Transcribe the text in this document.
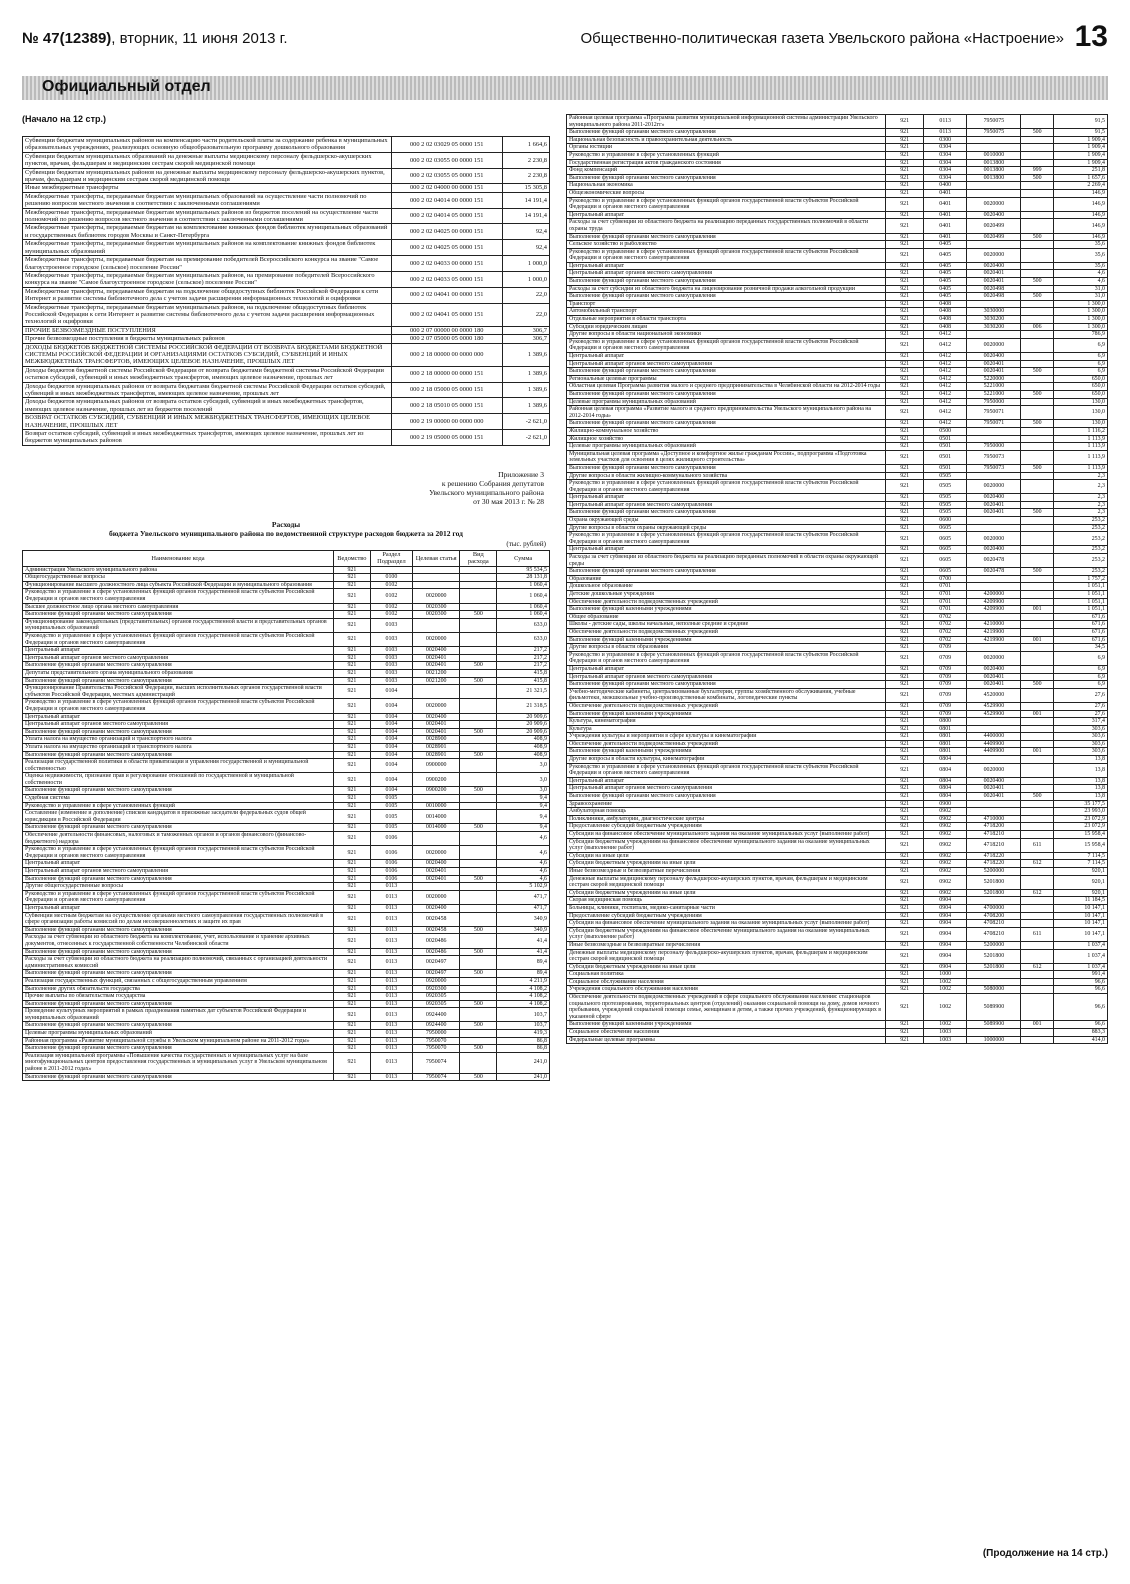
№ 47(12389), вторник, 11 июня 2013 г.	Общественно-политическая газета Увельского района «Настроение» 13
Официальный отдел
(Начало на 12 стр.)
Субвенции бюджетам муниципальных районов на компенсацию части родительской платы за содержание ребенка в муниципальных образовательных учреждениях, реализующих основную общеобразовательную программу дошкольного образования	000 2 02 03029 05 0000 151	1 664,6
Субвенции бюджетам муниципальных образований на денежные выплаты медицинскому персоналу фельдшерско-акушерских пунктов, врачам, фельдшерам и медицинским сестрам скорой медицинской помощи	000 2 02 03055 00 0000 151	2 230,8
Субвенции бюджетам муниципальных районов на денежные выплаты медицинскому персоналу фельдшерско-акушерских пунктов, врачам, фельдшерам и медицинским сестрам скорой медицинской помощи	000 2 02 03055 05 0000 151	2 230,8
Иные межбюджетные трансферты	000 2 02 04000 00 0000 151	15 305,8
Межбюджетные трансферты, передаваемые бюджетам муниципальных образований на осуществление части полномочий по решению вопросов местного значения в соответствии с заключенными соглашениями	000 2 02 04014 00 0000 151	14 191,4
Межбюджетные трансферты, передаваемые бюджетам муниципальных районов из бюджетов поселений на осуществление части полномочий по решению вопросов местного значения в соответствии с заключенными соглашениями	000 2 02 04014 05 0000 151	14 191,4
Межбюджетные трансферты, передаваемые бюджетам на комплектование книжных фондов библиотек муниципальных образований и государственных библиотек городов Москвы и Санкт-Петербурга	000 2 02 04025 00 0000 151	92,4
Межбюджетные трансферты, передаваемые бюджетам муниципальных районов на комплектование книжных фондов библиотек муниципальных образований	000 2 02 04025 05 0000 151	92,4
Межбюджетные трансферты, передаваемые бюджетам на премирование победителей Всероссийского конкурса на звание "Самое благоустроенное городское (сельское) поселение России"	000 2 02 04033 00 0000 151	1 000,0
Межбюджетные трансферты, передаваемые бюджетам муниципальных районов, на премирование победителей Всероссийского конкурса на звание "Самое благоустроенное городское (сельское) поселение России"	000 2 02 04033 05 0000 151	1 000,0
Межбюджетные трансферты, передаваемые бюджетам на подключение общедоступных библиотек Российской Федерации к сети Интернет и развитие системы библиотечного дела с учетом задачи расширения информационных технологий и оцифровки	000 2 02 04041 00 0000 151	22,0
Межбюджетные трансферты, передаваемые бюджетам муниципальных районов, на подключение общедоступных библиотек Российской Федерации к сети Интернет и развитие системы библиотечного дела с учетом задачи расширения информационных технологий и оцифровки	000 2 02 04041 05 0000 151	22,0
ПРОЧИЕ БЕЗВОЗМЕЗДНЫЕ ПОСТУПЛЕНИЯ	000 2 07 00000 00 0000 180	306,7
Прочие безвозмездные поступления в бюджеты муниципальных районов	000 2 07 05000 05 0000 180	306,7
ДОХОДЫ БЮДЖЕТОВ БЮДЖЕТНОЙ СИСТЕМЫ РОССИЙСКОЙ ФЕДЕРАЦИИ ОТ ВОЗВРАТА БЮДЖЕТАМИ БЮДЖЕТНОЙ СИСТЕМЫ РОССИЙСКОЙ ФЕДЕРАЦИИ И ОРГАНИЗАЦИЯМИ ОСТАТКОВ СУБСИДИЙ, СУБВЕНЦИЙ И ИНЫХ МЕЖБЮДЖЕТНЫХ ТРАНСФЕРТОВ, ИМЕЮЩИХ ЦЕЛЕВОЕ НАЗНАЧЕНИЕ, ПРОШЛЫХ ЛЕТ	000 2 18 00000 00 0000 000	1 389,6
Доходы бюджетов бюджетной системы Российской Федерации от возврата бюджетами бюджетной системы Российской Федерации остатков субсидий, субвенций и иных межбюджетных трансфертов, имеющих целевое назначение, прошлых лет	000 2 18 00000 00 0000 151	1 389,6
Доходы бюджетов муниципальных районов от возврата бюджетами бюджетной системы Российской Федерации остатков субсидий, субвенций и иных межбюджетных трансфертов, имеющих целевое назначение, прошлых лет	000 2 18 05000 05 0000 151	1 389,6
Доходы бюджетов муниципальных районов от возврата остатков субсидий, субвенций и иных межбюджетных трансфертов, имеющих целевое назначение, прошлых лет из бюджетов поселений	000 2 18 05010 05 0000 151	1 389,6
ВОЗВРАТ ОСТАТКОВ СУБСИДИЙ, СУБВЕНЦИЙ И ИНЫХ МЕЖБЮДЖЕТНЫХ ТРАНСФЕРТОВ, ИМЕЮЩИХ ЦЕЛЕВОЕ НАЗНАЧЕНИЕ, ПРОШЛЫХ ЛЕТ	000 2 19 00000 00 0000 000	-2 621,0
Возврат остатков субсидий, субвенций и иных межбюджетных трансфертов, имеющих целевое назначение, прошлых лет из бюджетов муниципальных районов	000 2 19 05000 05 0000 151	-2 621,0
Приложение 3
к решению Собрания депутатов
Увельского муниципального района
от 30 мая 2013 г. № 28
Расходы
бюджета Увельского муниципального района по ведомственной структуре расходов бюджета за 2012 год
(тыс. рублей)
Наименование кода	Ведомство	Раздел Подраздел	Целевая статья	Вид расхода	Сумма
Администрация Увельского муниципального района	921				95 534,5
Общегосударственные вопросы	921	0100			28 131,8
Функционирование высшего должностного лица субъекта Российской Федерации и муниципального образования	921	0102			1 060,4
Руководство и управление в сфере установленных функций органов государственной власти субъектов Российской Федерации и органов местного самоуправления	921	0102	0020000		1 060,4
Высшее должностное лицо органа местного самоуправления	921	0102	0020300		1 060,4
Выполнение функций органами местного самоуправления	921	0102	0020300	500	1 060,4
Функционирование законодательных (представительных) органов государственной власти и представительных органов муниципальных образований	921	0103			633,0
Руководство и управление в сфере установленных функций органов государственной власти субъектов Российской Федерации и органов местного самоуправления	921	0103	0020000		633,0
Центральный аппарат	921	0103	0020400		217,2
Центральный аппарат органов местного самоуправления	921	0103	0020401		217,2
Выполнение функций органами местного самоуправления	921	0103	0020401	500	217,2
Депутаты представительного органа муниципального образования	921	0103	0021200		415,8
Выполнение функций органами местного самоуправления	921	0103	0021200	500	415,8
Функционирование Правительства Российской Федерации, высших исполнительных органов государственной власти субъектов Российской Федерации, местных администраций	921	0104			21 321,5
Руководство и управление в сфере установленных функций органов государственной власти субъектов Российской Федерации и органов местного самоуправления	921	0104	0020000		21 318,5
Центральный аппарат	921	0104	0020400		20 909,6
Центральный аппарат органов местного самоуправления	921	0104	0020401		20 909,6
Выполнение функций органами местного самоуправления	921	0104	0020401	500	20 909,6
Уплата налога на имущество организаций и транспортного налога	921	0104	0028900		408,9
Уплата налога на имущество организаций и транспортного налога	921	0104	0028901		408,9
Выполнение функций органами местного самоуправления	921	0104	0028901	500	408,9
Реализация государственной политики в области приватизации и управления государственной и муниципальной собственностью	921	0104	0900000		3,0
Оценка недвижимости, признание прав и регулирование отношений по государственной и муниципальной собственности	921	0104	0900200		3,0
Выполнение функций органами местного самоуправления	921	0104	0900200	500	3,0
Судебная система	921	0105			9,4
Руководство и управление в сфере установленных функций	921	0105	0010000		9,4
Составление (изменение и дополнение) списков кандидатов в присяжные заседатели федеральных судов общей юрисдикции в Российской Федерации	921	0105	0014000		9,4
Выполнение функций органами местного самоуправления	921	0105	0014000	500	9,4
Обеспечение деятельности финансовых, налоговых и таможенных органов и органов финансового (финансово-бюджетного) надзора	921	0106			4,6
Руководство и управление в сфере установленных функций органов государственной власти субъектов Российской Федерации и органов местного самоуправления	921	0106	0020000		4,6
Центральный аппарат	921	0106	0020400		4,6
Центральный аппарат органов местного самоуправления	921	0106	0020401		4,6
Выполнение функций органами местного самоуправления	921	0106	0020401	500	4,6
Другие общегосударственные вопросы	921	0113			5 102,9
Руководство и управление в сфере установленных функций органов государственной власти субъектов Российской Федерации и органов местного самоуправления	921	0113	0020000		471,7
Центральный аппарат	921	0113	0020400		471,7
Субвенции местным бюджетам на осуществление органами местного самоуправления государственных полномочий в сфере организации работы комиссий по делам несовершеннолетних и защите их прав	921	0113	0020458		340,9
Выполнение функций органами местного самоуправления	921	0113	0020458	500	340,9
Расходы за счет субвенции из областного бюджета на комплектование, учет, использование и хранение архивных документов, отнесенных к государственной собственности Челябинской области	921	0113	0020486		41,4
Выполнение функций органами местного самоуправления	921	0113	0020486	500	41,4
Расходы за счет субвенции из областного бюджета на реализацию полномочий, связанных с организацией деятельности административных комиссий	921	0113	0020497		89,4
Выполнение функций органами местного самоуправления	921	0113	0020497	500	89,4
Реализация государственных функций, связанных с общегосударственным управлением	921	0113	0920000		4 211,9
Выполнение других обязательств государства	921	0113	0920300		4 108,2
Прочие выплаты по обязательствам государства	921	0113	0920305		4 108,2
Выполнение функций органами местного самоуправления	921	0113	0920305	500	4 108,2
Проведение культурных мероприятий в рамках празднования памятных дат субъектов Российской Федерации и муниципальных образований	921	0113	0924400		103,7
Выполнение функций органами местного самоуправления	921	0113	0924400	500	103,7
Целевые программы муниципальных образований	921	0113	7950000		419,3
Районная программа «Развитие муниципальной службы в Увельском муниципальном районе на 2011-2012 годы»	921	0113	7950070		86,8
Выполнение функций органами местного самоуправления	921	0113	7950070	500	86,8
Реализация муниципальной программы «Повышение качества государственных и муниципальных услуг на базе многофункциональных центров предоставления государственных и муниципальных услуг в Увельском муниципальном районе в 2011-2012 годах»	921	0113	7950074		241,0
Выполнение функций органами местного самоуправления	921	0113	7950074	500	241,0
Районная целевая программа «Программа развития муниципальной информационной системы администрации Увельского муниципального района 2011-2012гг»	921	0113	7950075		91,5
Выполнение функций органами местного самоуправления	921	0113	7950075	500	91,5
Национальная безопасность и правоохранительная деятельность	921	0300			1 909,4
Органы юстиции	921	0304			1 909,4
Руководство и управление в сфере установленных функций	921	0304	0010000		1 909,4
Государственная регистрация актов гражданского состояния	921	0304	0013800		1 909,4
Фонд компенсаций	921	0304	0013800	999	251,8
Выполнение функций органами местного самоуправления	921	0304	0013800	500	1 657,6
Национальная экономика	921	0400			2 269,4
Общеэкономические вопросы	921	0401			146,9
Руководство и управление в сфере установленных функций органов государственной власти субъектов Российской Федерации и органов местного самоуправления	921	0401	0020000		146,9
Центральный аппарат	921	0401	0020400		146,9
Расходы за счет субвенции из областного бюджета на реализацию переданных государственных полномочий в области охраны труда	921	0401	0020499		146,9
Выполнение функций органами местного самоуправления	921	0401	0020499	500	146,9
Сельское хозяйство и рыболовство	921	0405			35,6
Руководство и управление в сфере установленных функций органов государственной власти субъектов Российской Федерации и органов местного самоуправления	921	0405	0020000		35,6
Центральный аппарат	921	0405	0020400		35,6
Центральный аппарат органов местного самоуправления	921	0405	0020401		4,6
Выполнение функций органами местного самоуправления	921	0405	0020401	500	4,6
Расходы за счет субсидии из областного бюджета на лицензирование розничной продажи алкогольной продукции	921	0405	0020498		31,0
Выполнение функций органами местного самоуправления	921	0405	0020498	500	31,0
Транспорт	921	0408			1 300,0
Автомобильный транспорт	921	0408	3030000		1 300,0
Отдельные мероприятия в области транспорта	921	0408	3030200		1 300,0
Субсидии юридическим лицам	921	0408	3030200	006	1 300,0
Другие вопросы в области национальной экономики	921	0412			786,9
Руководство и управление в сфере установленных функций органов государственной власти субъектов Российской Федерации и органов местного самоуправления	921	0412	0020000		6,9
Центральный аппарат	921	0412	0020400		6,9
Центральный аппарат органов местного самоуправления	921	0412	0020401		6,9
Выполнение функций органами местного самоуправления	921	0412	0020401	500	6,9
Региональные целевые программы	921	0412	5220000		650,0
Областная целевая Программа развития малого и среднего предпринимательства в Челябинской области на 2012-2014 годы	921	0412	5221000		650,0
Выполнение функций органами местного самоуправления	921	0412	5221000	500	650,0
Целевые программы муниципальных образований	921	0412	7950000		130,0
Районная целевая программа «Развитие малого и среднего предпринимательства Увельского муниципального района на 2012-2014 годы»	921	0412	7950071		130,0
Выполнение функций органами местного самоуправления	921	0412	7950071	500	130,0
Жилищно-коммунальное хозяйство	921	0500			1 116,2
Жилищное хозяйство	921	0501			1 113,9
Целевые программы муниципальных образований	921	0501	7950000		1 113,9
Муниципальная целевая программа «Доступное и комфортное жилье гражданам России», подпрограмма «Подготовка земельных участков для освоения в целях жилищного строительства»	921	0501	7950073		1 113,9
Выполнение функций органами местного самоуправления	921	0501	7950073	500	1 113,9
Другие вопросы в области жилищно-коммунального хозяйства	921	0505			2,3
Руководство и управление в сфере установленных функций органов государственной власти субъектов Российской Федерации и органов местного самоуправления	921	0505	0020000		2,3
Центральный аппарат	921	0505	0020400		2,3
Центральный аппарат органов местного самоуправления	921	0505	0020401		2,3
Выполнение функций органами местного самоуправления	921	0505	0020401	500	2,3
Охрана окружающей среды	921	0600			253,2
Другие вопросы в области охраны окружающей среды	921	0605			253,2
Руководство и управление в сфере установленных функций органов государственной власти субъектов Российской Федерации и органов местного самоуправления	921	0605	0020000		253,2
Центральный аппарат	921	0605	0020400		253,2
Расходы за счет субвенции из областного бюджета на реализацию переданных полномочий в области охраны окружающей среды	921	0605	0020478		253,2
Выполнение функций органами местного самоуправления	921	0605	0020478	500	253,2
Образование	921	0700			1 757,2
Дошкольное образование	921	0701			1 051,1
Детские дошкольные учреждения	921	0701	4200000		1 051,1
Обеспечение деятельности подведомственных учреждений	921	0701	4209900		1 051,1
Выполнение функций казенными учреждениями	921	0701	4209900	001	1 051,1
Общее образование	921	0702			671,6
Школы - детские сады, школы начальные, неполные средние и средние	921	0702	4210000		671,6
Обеспечение деятельности подведомственных учреждений	921	0702	4219900		671,6
Выполнение функций казенными учреждениями	921	0702	4219900	001	671,6
Другие вопросы в области образования	921	0709			34,5
Руководство и управление в сфере установленных функций органов государственной власти субъектов Российской Федерации и органов местного самоуправления	921	0709	0020000		6,9
Центральный аппарат	921	0709	0020400		6,9
Центральный аппарат органов местного самоуправления	921	0709	0020401		6,9
Выполнение функций органами местного самоуправления	921	0709	0020401	500	6,9
Учебно-методические кабинеты, централизованные бухгалтерии, группы хозяйственного обслуживания, учебные фильмотеки, межшкольные учебно-производственные комбинаты, логопедические пункты	921	0709	4520000		27,6
Обеспечение деятельности подведомственных учреждений	921	0709	4529900		27,6
Выполнение функций казенными учреждениями	921	0709	4529900	001	27,6
Культура, кинематография	921	0800			317,4
Культура	921	0801			303,6
Учреждения культуры и мероприятия в сфере культуры и кинематографии	921	0801	4400000		303,6
Обеспечение деятельности подведомственных учреждений	921	0801	4409900		303,6
Выполнение функций казенными учреждениями	921	0801	4409900	001	303,6
Другие вопросы в области культуры, кинематографии	921	0804			13,8
Руководство и управление в сфере установленных функций органов государственной власти субъектов Российской Федерации и органов местного самоуправления	921	0804	0020000		13,8
Центральный аппарат	921	0804	0020400		13,8
Центральный аппарат органов местного самоуправления	921	0804	0020401		13,8
Выполнение функций органами местного самоуправления	921	0804	0020401	500	13,8
Здравоохранение	921	0900			35 177,5
Амбулаторная помощь	921	0902			23 993,0
Поликлиники, амбулатории, диагностические центры	921	0902	4710000		23 072,9
Предоставление субсидий бюджетным учреждениям	921	0902	4718200		23 072,9
Субсидии на финансовое обеспечение муниципального задания на оказание муниципальных услуг (выполнение работ)	921	0902	4718210		15 958,4
Субсидии бюджетным учреждениям на финансовое обеспечение муниципального задания на оказание муниципальных услуг (выполнение работ)	921	0902	4718210	611	15 958,4
Субсидии на иные цели	921	0902	4718220		7 114,5
Субсидии бюджетным учреждениям на иные цели	921	0902	4718220	612	7 114,5
Иные безвозмездные и безвозвратные перечисления	921	0902	5200000		920,1
Денежные выплаты медицинскому персоналу фельдшерско-акушерских пунктов, врачам, фельдшерам и медицинским сестрам скорой медицинской помощи	921	0902	5201800		920,1
Субсидии бюджетным учреждениям на иные цели	921	0902	5201800	612	920,1
Скорая медицинская помощь	921	0904			11 184,5
Больницы, клиники, госпитали, медико-санитарные части	921	0904	4700000		10 147,1
Предоставление субсидий бюджетным учреждениям	921	0904	4708200		10 147,1
Субсидии на финансовое обеспечение муниципального задания на оказание муниципальных услуг (выполнение работ)	921	0904	4708210		10 147,1
Субсидии бюджетным учреждениям на финансовое обеспечение муниципального задания на оказание муниципальных услуг (выполнение работ)	921	0904	4708210	611	10 147,1
Иные безвозмездные и безвозвратные перечисления	921	0904	5200000		1 037,4
Денежные выплаты медицинскому персоналу фельдшерско-акушерских пунктов, врачам, фельдшерам и медицинским сестрам скорой медицинской помощи	921	0904	5201800		1 037,4
Субсидии бюджетным учреждениям на иные цели	921	0904	5201800	612	1 037,4
Социальная политика	921	1000			991,4
Социальное обслуживание населения	921	1002			96,6
Учреждения социального обслуживания населения	921	1002	5080000		96,6
Обеспечение деятельности подведомственных учреждений в сфере социального обслуживания населения: стационаров социального протезирования, территориальных центров (отделений) оказания социальной помощи на дому, домов ночного пребывания, учреждений социальной помощи семье, женщинам и детям, а также прочих учреждений, функционирующих в указанной сфере	921	1002	5089900		96,6
Выполнение функций казенными учреждениями	921	1002	5089900	001	96,6
Социальное обеспечение населения	921	1003			883,3
Федеральные целевые программы	921	1003	1000000		414,0
(Продолжение на 14 стр.)
